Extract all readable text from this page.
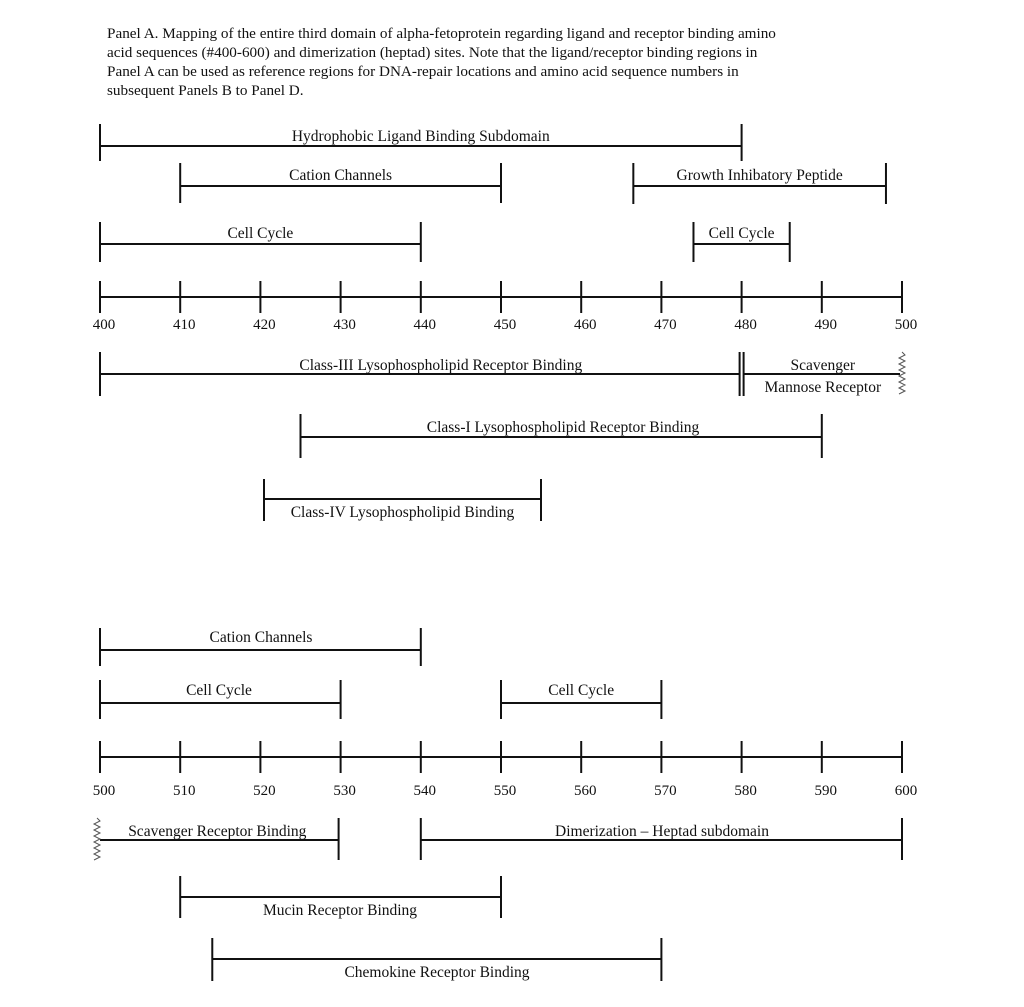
Panel A. Mapping of the entire third domain of alpha-fetoprotein regarding ligand and receptor binding amino
acid sequences (#400-600) and dimerization (heptad) sites. Note that the ligand/receptor binding regions in
Panel A can be used as reference regions for DNA-repair locations and amino acid sequence numbers in
subsequent Panels B to Panel D.
Hydrophobic Ligand Binding Subdomain
Cation Channels	Growth Inhibatory Peptide
Cell Cycle	Cell Cycle
400	410	420	430	440	450	460	470	480	490	500
Class-III Lysophospholipid Receptor Binding	Scavenger
Mannose Receptor
Class-I Lysophospholipid Receptor Binding
Class-IV Lysophospholipid Binding
Cation Channels
Cell Cycle	Cell Cycle
500	510	520	530	540	550	560	570	580	590	600
Scavenger Receptor Binding	Dimerization – Heptad subdomain
Mucin Receptor Binding
Chemokine Receptor Binding
